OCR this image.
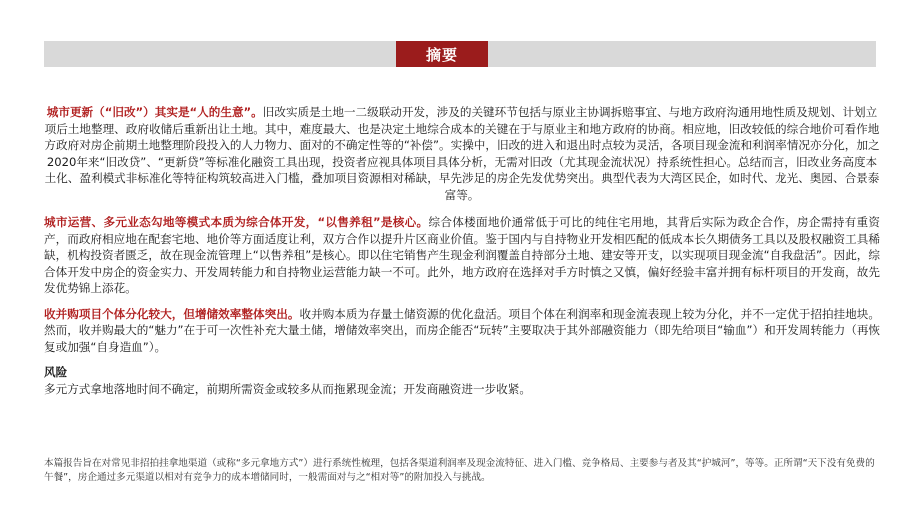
摘要

城市更新（“旧改”）其实是“人的生意”。旧改实质是土地一二级联动开发，涉及的关键环节包括与原业主协调拆赔事宜、与地方政府沟通用地性质及规划、计划立项后土地整理、政府收储后重新出让土地。其中，难度最大、也是决定土地综合成本的关键在于与原业主和地方政府的协商。相应地，旧改较低的综合地价可看作地方政府对房企前期土地整理阶段投入的人力物力、面对的不确定性等的“补偿”。实操中，旧改的进入和退出时点较为灵活，各项目现金流和利润率情况亦分化，加之2020年来“旧改贷”、“更新贷”等标准化融资工具出现，投资者应视具体项目具体分析，无需对旧改（尤其现金流状况）持系统性担心。总结而言，旧改业务高度本土化、盈利模式非标准化等特征构筑较高进入门槛，叠加项目资源相对稀缺，早先涉足的房企先发优势突出。典型代表为大湾区民企，如时代、龙光、奥园、合景泰富等。

城市运营、多元业态勾地等模式本质为综合体开发，“以售养租”是核心。综合体楼面地价通常低于可比的纯住宅用地，其背后实际为政企合作，房企需持有重资产，而政府相应地在配套宅地、地价等方面适度让利，双方合作以提升片区商业价值。鉴于国内与自持物业开发相匹配的低成本长久期债务工具以及股权融资工具稀缺，机构投资者匮乏，故在现金流管理上“以售养租”是核心。即以住宅销售产生现金利润覆盖自持部分土地、建安等开支，以实现项目现金流“自我盘活”。因此，综合体开发中房企的资金实力、开发周转能力和自持物业运营能力缺一不可。此外，地方政府在选择对手方时慎之又慎，偏好经验丰富并拥有标杆项目的开发商，故先发优势锦上添花。

收并购项目个体分化较大，但增储效率整体突出。收并购本质为存量土储资源的优化盘活。项目个体在利润率和现金流表现上较为分化，并不一定优于招拍挂地块。然而，收并购最大的“魅力”在于可一次性补充大量土储，增储效率突出，而房企能否“玩转”主要取决于其外部融资能力（即先给项目“输血”）和开发周转能力（再恢复或加强“自身造血”）。

风险

多元方式拿地落地时间不确定，前期所需资金或较多从而拖累现金流；开发商融资进一步收紧。

本篇报告旨在对常见非招拍挂拿地渠道（或称“多元拿地方式”）进行系统性梳理，包括各渠道利润率及现金流特征、进入门槛、竞争格局、主要参与者及其“护城河”，等等。正所谓“天下没有免费的午餐”，房企通过多元渠道以相对有竞争力的成本增储同时，一般需面对与之“相对等”的附加投入与挑战。
